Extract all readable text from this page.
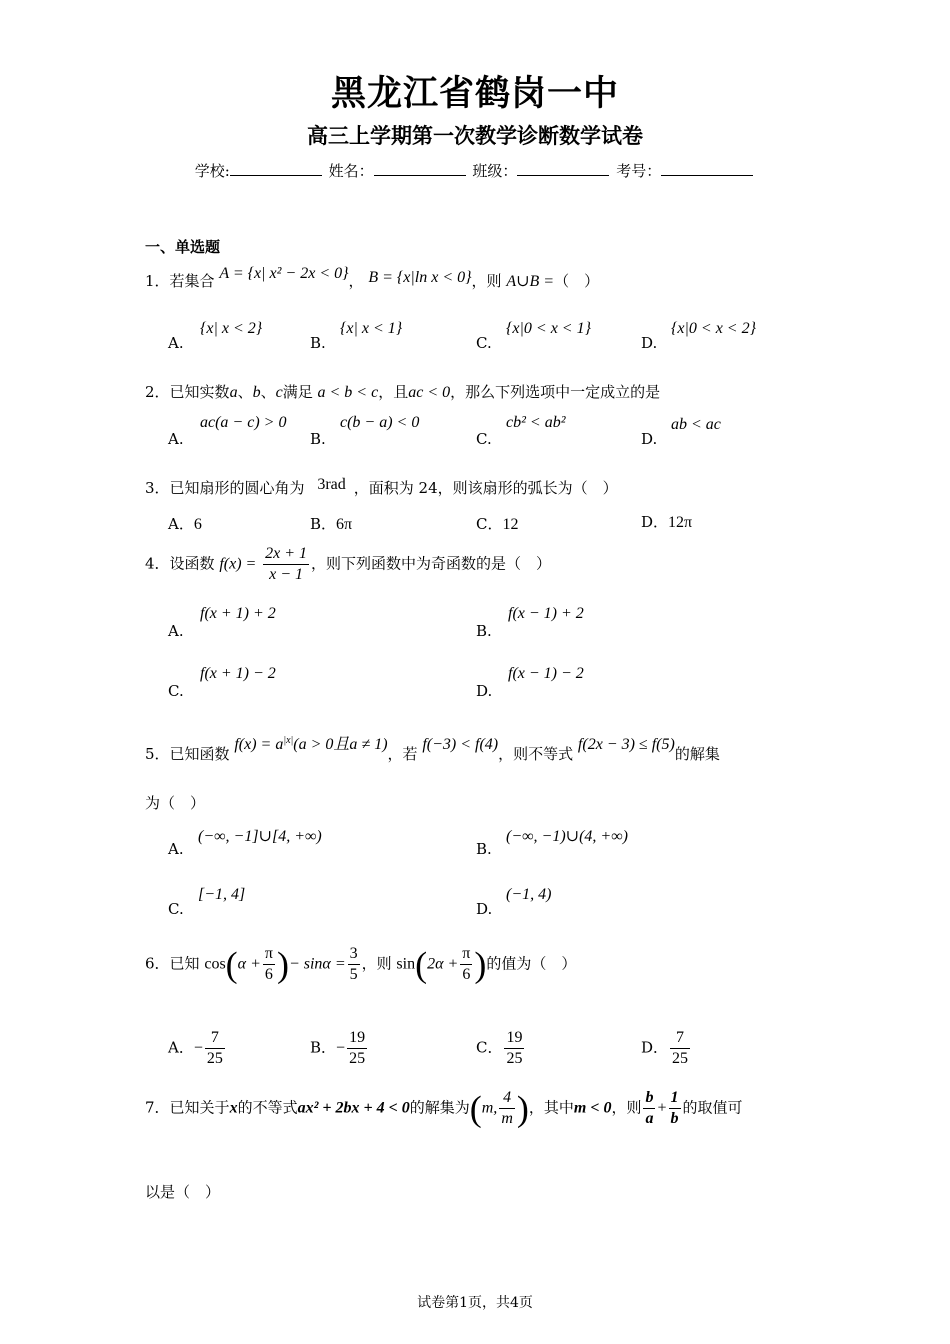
黑龙江省鹤岗一中
高三上学期第一次教学诊断数学试卷
学校:	姓名：	班级：	考号：
一、单选题
1．若集合 A = {x| x² − 2x < 0}， B = {x|ln x < 0}，则 A∪B =（　）
A.
{x| x < 2}
B.
{x| x < 1}
C.
{x|0 < x < 1}
D.
{x|0 < x < 2}
2．已知实数a、b、c满足 a < b < c，且ac < 0，那么下列选项中一定成立的是
A.
ac(a − c) > 0
B.
c(b − a) < 0
C.
cb² < ab²
D.
ab < ac
3．已知扇形的圆心角为 3rad ，面积为 24，则该扇形的弧长为（　）
A．6	B．6π	C．12	D．12π
4．设函数 $f(x) = \frac{2x + 1}{x - 1}$ ，则下列函数中为奇函数的是（　）
A.
f(x + 1) + 2
B.
f(x − 1) + 2
C.
f(x + 1) − 2
D.
f(x − 1) − 2
5．已知函数 $f(x) = a^{|x|}(a > 0$且a ≠ 1)，若 f(−3) < f(4)，则不等式 f(2x − 3) ≤ f(5)的解集
为（　）
A.
(−∞, −1]∪[4, +∞)
B.
(−∞, −1)∪(4, +∞)
C.
[−1, 4]
D.
(−1, 4)
6．已知 $\cos(\alpha + \frac{\pi}{6}$ )− $\sin\alpha = \frac{3}{5}$ ，则 $\sin(2\alpha + \frac{\pi}{6}$ )的值为（　）
A．− $\frac{7}{25}$	B．− $\frac{19}{25}$	C． $\frac{19}{25}$	D． $\frac{7}{25}$
7．已知关于x的不等式ax² + 2bx + 4 < 0的解集为(m, $\frac{4}{m}$ )，其中m < 0，则 $\frac{b}{a} + \frac{1}{b}$ 的取值可
以是（　）
试卷第1页，共4页
